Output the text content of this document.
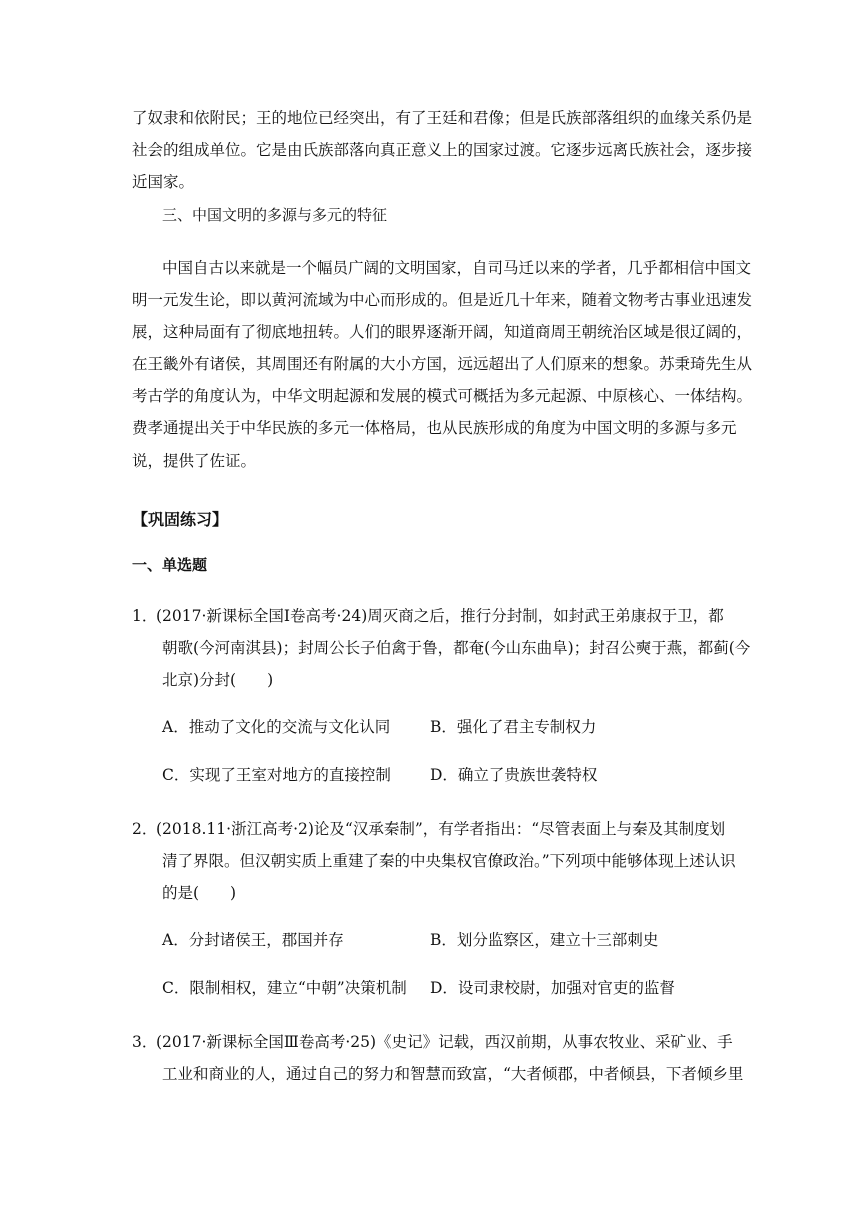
了奴隶和依附民；王的地位已经突出，有了王廷和君像；但是氏族部落组织的血缘关系仍是
社会的组成单位。它是由氏族部落向真正意义上的国家过渡。它逐步远离氏族社会，逐步接
近国家。
三、中国文明的多源与多元的特征
中国自古以来就是一个幅员广阔的文明国家，自司马迁以来的学者，几乎都相信中国文
明一元发生论，即以黄河流域为中心而形成的。但是近几十年来，随着文物考古事业迅速发
展，这种局面有了彻底地扭转。人们的眼界逐渐开阔，知道商周王朝统治区域是很辽阔的，
在王畿外有诸侯，其周围还有附属的大小方国，远远超出了人们原来的想象。苏秉琦先生从
考古学的角度认为，中华文明起源和发展的模式可概括为多元起源、中原核心、一体结构。
费孝通提出关于中华民族的多元一体格局，也从民族形成的角度为中国文明的多源与多元
说，提供了佐证。
【巩固练习】
一、单选题
1．
(2017·新课标全国Ⅰ卷高考·24)周灭商之后，推行分封制，如封武王弟康叔于卫，都
朝歌(今河南淇县)；封周公长子伯禽于鲁，都奄(今山东曲阜)；封召公奭于燕，都蓟(今
北京)分封(　　)
A．推动了文化的交流与文化认同	B．强化了君主专制权力
C．实现了王室对地方的直接控制	D．确立了贵族世袭特权
2．
(2018.11·浙江高考·2)论及“汉承秦制”，有学者指出：“尽管表面上与秦及其制度划
清了界限。但汉朝实质上重建了秦的中央集权官僚政治。”下列项中能够体现上述认识
的是(　　)
A．分封诸侯王，郡国并存	B．划分监察区，建立十三部刺史
C．限制相权，建立“中朝”决策机制 D．设司隶校尉，加强对官吏的监督
3．
(2017·新课标全国Ⅲ卷高考·25)《史记》记载，西汉前期，从事农牧业、采矿业、手
工业和商业的人，通过自己的努力和智慧而致富，“大者倾郡，中者倾县，下者倾乡里
